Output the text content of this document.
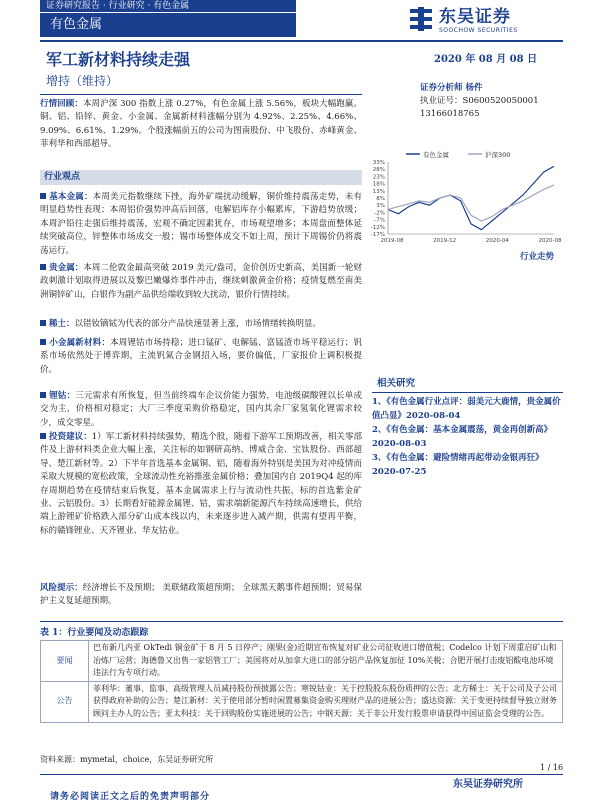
证券研究报告 · 行业研究 · 有色金属
有色金属	东吴证券
SOOCHOW SECURITIES
军工新材料持续走强
增持（维持）
2020 年 08 月 08 日
证券分析师 杨件
执业证号：S0600520050001
13166018765
有色金属	沪深300
33%
28%
23%
18%
13%
8%
3%
-2%
-7%
-12%
-17%
2019-08	2019-12	2020-04	2020-08
行业走势
行情回顾：本周沪深 300 指数上涨 0.27%，有色金属上涨 5.56%，板块大幅跑赢。铜、铝、铅锌、黄金、小金属、金属新材料涨幅分别为 4.92%、2.25%、4.66%、9.09%、6.61%、1.29%。个股涨幅前五的公司为图南股份、中飞股份、赤峰黄金、菲利华和西部超导。
行业观点
基本金属：本周美元指数继续下挫，海外矿端扰动缓解，铜价维持震荡走势，未有明显趋势性表现；本周铝价强势冲高后回落，电解铝库存小幅累库，下游趋势放缓；本周沪铅往走强后维持震荡，宏观不确定因素犹存，市场观望增多；本周盘面整体延续突破高位，锌整体市场成交一般；锡市场整体成交不如上周，预计下周锡价仍将震荡运行。
贵金属：本周二伦敦金最高突破 2019 美元/盎司，金价创历史新高，美国新一轮财政刺激计划取得进展以及黎巴嫩爆炸事件冲击，继续刺激黄金价格；疫情复燃至南美洲铜锌矿山，白银作为副产品供给端收到较大扰动，银价行情持续。
稀土：以错钕镝铽为代表的部分产品快速显著上涨，市场情绪转换明显。
小金属新材料：本周锂钴市场持稳；进口锰矿、电解锰、富锰渣市场平稳运行；钒系市场依然处于博弈期，主流钒氮合金钢招入场，要价偏低，厂家报价上调积极提价。
锂钴：三元需求有所恢复，但当前终端车企议价能力强势，电池级碳酸锂以长单成交为主，价格相对稳定；大厂三季度采购价格稳定，国内其余厂家氢氧化锂需求较少，成交零星。
投资建议：1）军工新材料持续强势，精选个股，随着下游军工预期改善，相关零部件及上游材料类企业大幅上涨，关注标的如钢研高纳、博威合金、宝钛股份、西部超导、楚江新材等。2）下半年首选基本金属铜、铝，随着海外特别是美国为对冲疫情而采取大规模的宽松政策，全球流动性充裕推涨金属价格；叠加国内自 2019Q4 起的库存周期趋势在疫情结束后恢复，基本金属需求上行与流动性共振，标的首选紫金矿业、云铝股份。3）长期看好能源金属锂、钴，需求端新能源汽车持续高速增长，供给端上游锂矿价格跌入部分矿山成本线以内，未来逐步进入减产期，供需有望再平衡，标的赣锋锂业、天齐锂业、华友钴业。
风险提示：经济增长不及预期； 美联储政策超预期； 全球黑天鹅事件超预期；贸易保护主义复延超预期。
相关研究
1、《有色金属行业点评：弱美元大鹿情，贵金属价值凸显》2020-08-04
2、《有色金属：基本金属震荡，黄金再创新高》2020-08-03
3、《有色金属：避险情绪再起带动金银再狂》2020-07-25
表 1：行业要闻及动态跟踪
要闻	巴布新几内亚 OkTedi 铜金矿于 8 月 5 日停产；刚果(金)近期宣布恢复对矿业公司征收进口增值税；Codelco 计划下周重启矿山和冶炼厂运营；海德鲁又出售一家铝管工厂；美国将对从加拿大进口的部分铝产品恢复加征 10%关税；合肥开展打击废铝酸电池环境违法行为专项行动。
公告	菲利华：董事、监事、高级管理人员减持股份预披露公告；寒锐钴业：关于控股股东股份质押的公告；北方稀土：关于公司及子公司获得政府补助的公告；楚江新材：关于使用部分暂时闲置募集资金购买理财产品的进展公告；盛达资源：关于变更持续督导独立财务顾问主办人的公告；亚太科技：关于回购股份实施进展的公告；中钢天源：关于非公开发行股票申请获得中国证监会受理的公告。
资料来源：mymetal，choice，东吴证券研究所
1 / 16
东吴证券研究所
请务必阅读正文之后的免责声明部分
